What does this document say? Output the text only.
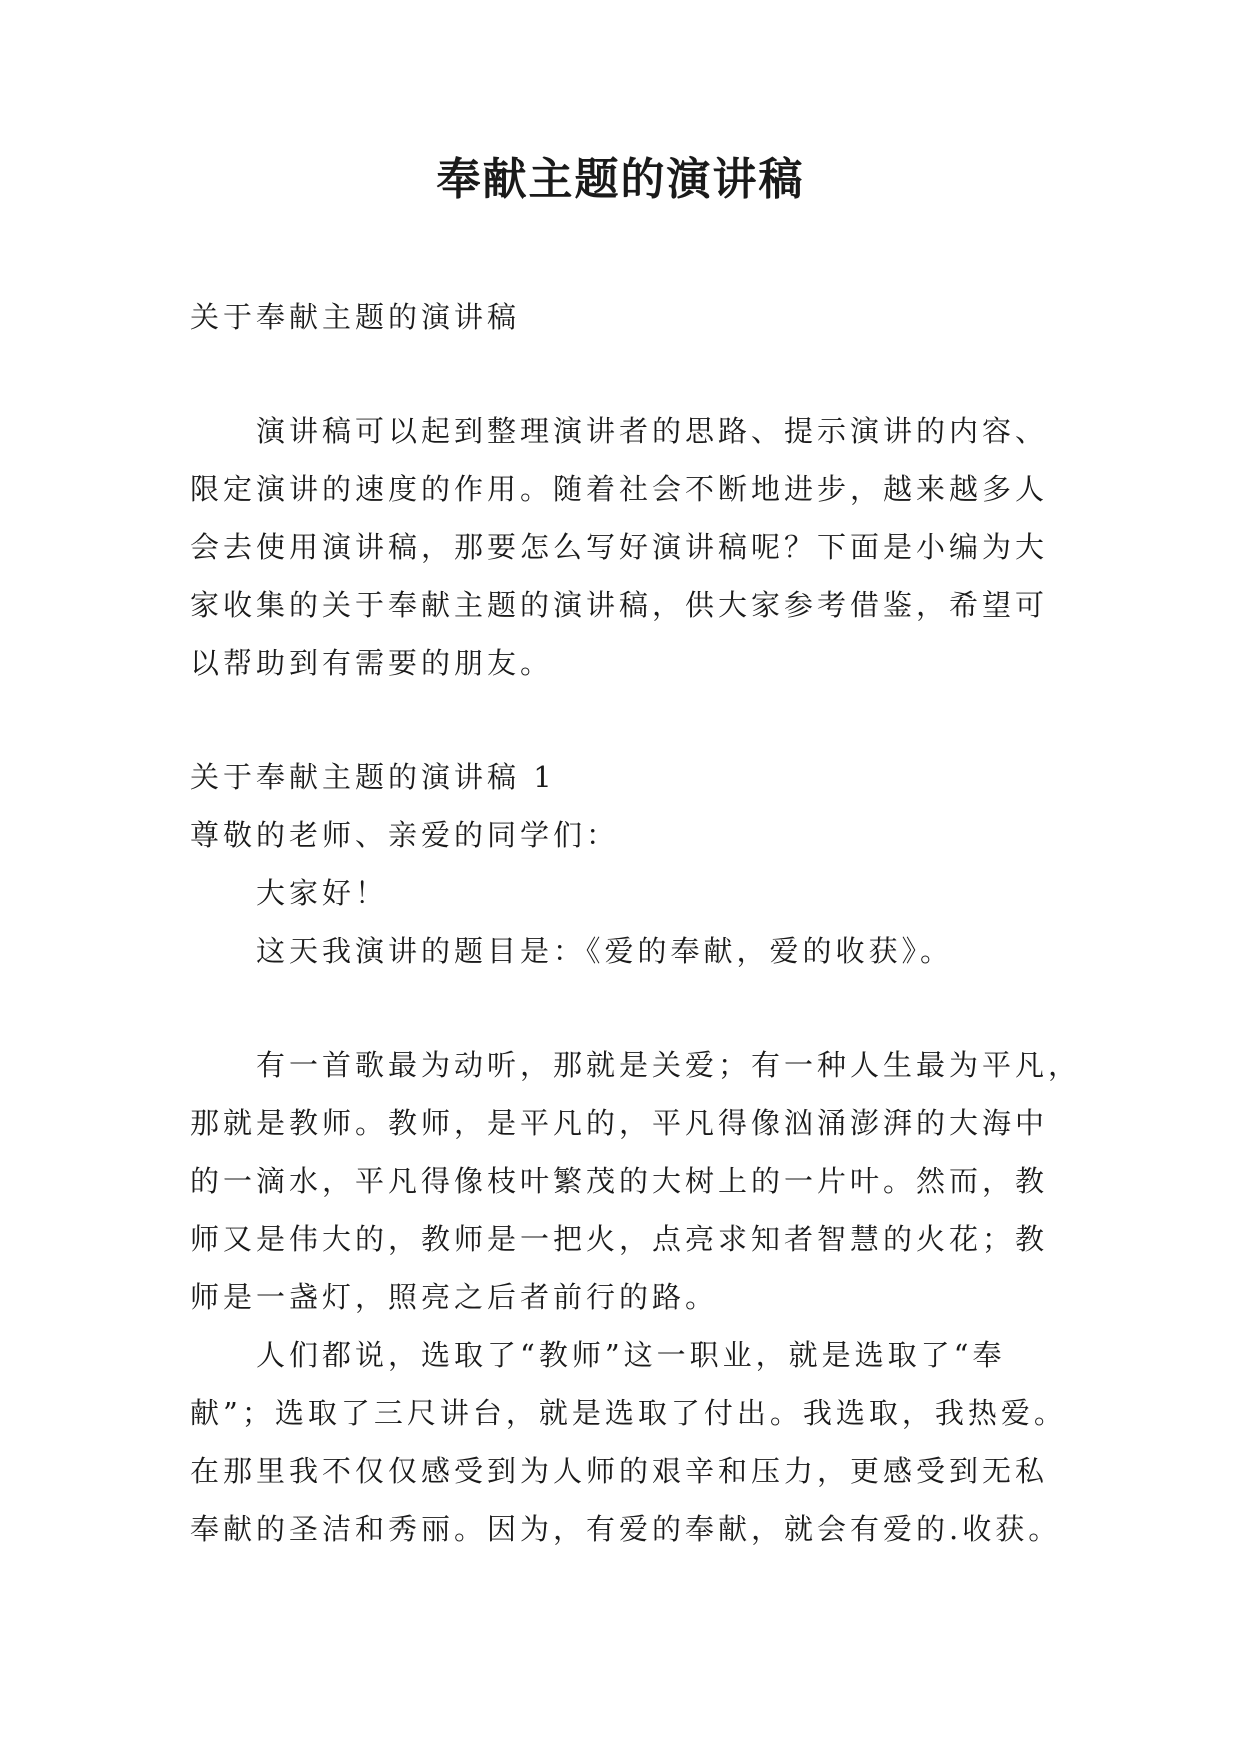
奉献主题的演讲稿

关于奉献主题的演讲稿

演讲稿可以起到整理演讲者的思路、提示演讲的内容、

限定演讲的速度的作用。随着社会不断地进步，越来越多人

会去使用演讲稿，那要怎么写好演讲稿呢？下面是小编为大

家收集的关于奉献主题的演讲稿，供大家参考借鉴，希望可

以帮助到有需要的朋友。

关于奉献主题的演讲稿 1

尊敬的老师、亲爱的同学们：

大家好！

这天我演讲的题目是：《爱的奉献，爱的收获》。

有一首歌最为动听，那就是关爱；有一种人生最为平凡，

那就是教师。教师，是平凡的，平凡得像汹涌澎湃的大海中

的一滴水，平凡得像枝叶繁茂的大树上的一片叶。然而，教

师又是伟大的，教师是一把火，点亮求知者智慧的火花；教

师是一盏灯，照亮之后者前行的路。

人们都说，选取了“教师”这一职业，就是选取了“奉

献”；选取了三尺讲台，就是选取了付出。我选取，我热爱。

在那里我不仅仅感受到为人师的艰辛和压力，更感受到无私

奉献的圣洁和秀丽。因为，有爱的奉献，就会有爱的.收获。
